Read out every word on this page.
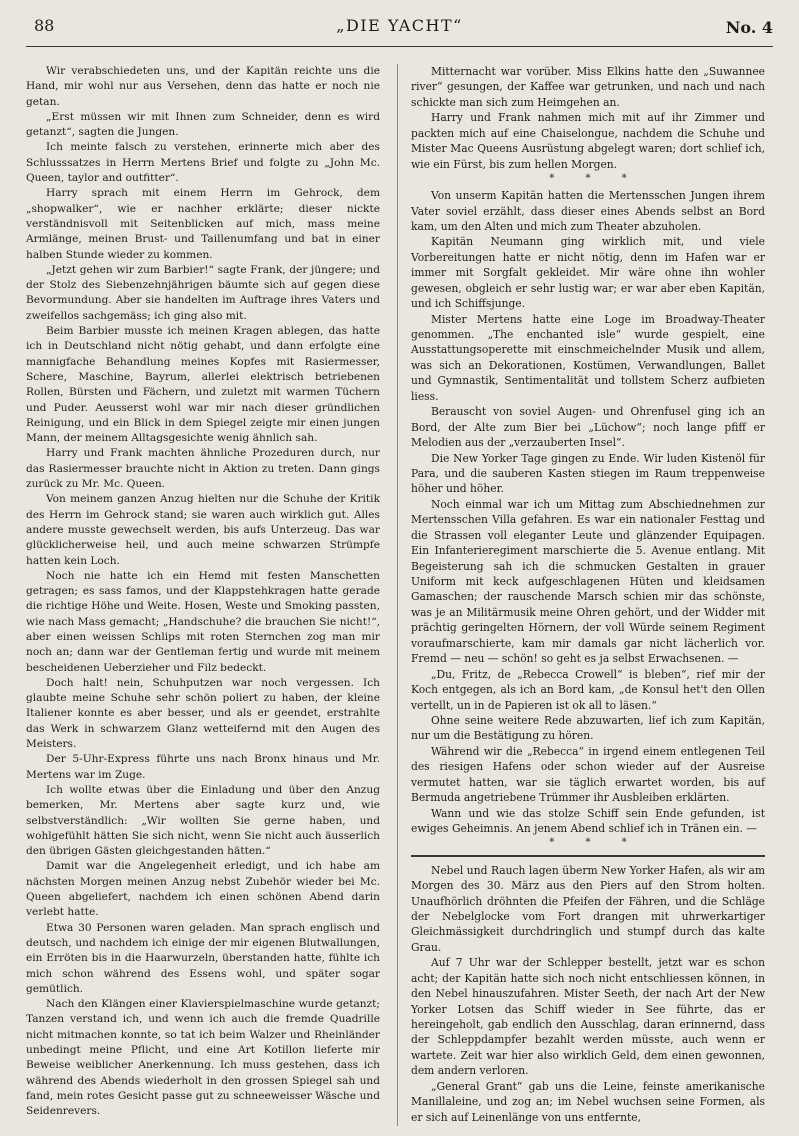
88	„DIE YACHT“	No. 4

Wir verabschiedeten uns, und der Kapitän reichte uns die Hand, mir wohl nur aus Versehen, denn das hatte er noch nie getan.

„Erst müssen wir mit Ihnen zum Schneider, denn es wird getanzt“, sagten die Jungen.

Ich meinte falsch zu verstehen, erinnerte mich aber des Schlusssatzes in Herrn Mertens Brief und folgte zu „John Mc. Queen, taylor and outfitter“.

Harry sprach mit einem Herrn im Gehrock, dem „shopwalker“, wie er nachher erklärte; dieser nickte verständnisvoll mit Seitenblicken auf mich, mass meine Armlänge, meinen Brust- und Taillenumfang und bat in einer halben Stunde wieder zu kommen.

„Jetzt gehen wir zum Barbier!“ sagte Frank, der jüngere; und der Stolz des Siebenzehnjährigen bäumte sich auf gegen diese Bevormundung. Aber sie handelten im Auftrage ihres Vaters und zweifellos sachgemäss; ich ging also mit.

Beim Barbier musste ich meinen Kragen ablegen, das hatte ich in Deutschland nicht nötig gehabt, und dann erfolgte eine mannigfache Behandlung meines Kopfes mit Rasiermesser, Schere, Maschine, Bayrum, allerlei elektrisch betriebenen Rollen, Bürsten und Fächern, und zuletzt mit warmen Tüchern und Puder. Aeusserst wohl war mir nach dieser gründlichen Reinigung, und ein Blick in dem Spiegel zeigte mir einen jungen Mann, der meinem Alltagsgesichte wenig ähnlich sah.

Harry und Frank machten ähnliche Prozeduren durch, nur das Rasiermesser brauchte nicht in Aktion zu treten. Dann gings zurück zu Mr. Mc. Queen.

Von meinem ganzen Anzug hielten nur die Schuhe der Kritik des Herrn im Gehrock stand; sie waren auch wirklich gut. Alles andere musste gewechselt werden, bis aufs Unterzeug. Das war glücklicherweise heil, und auch meine schwarzen Strümpfe hatten kein Loch.

Noch nie hatte ich ein Hemd mit festen Manschetten getragen; es sass famos, und der Klappstehkragen hatte gerade die richtige Höhe und Weite. Hosen, Weste und Smoking passten, wie nach Mass gemacht; „Handschuhe? die brauchen Sie nicht!“, aber einen weissen Schlips mit roten Sternchen zog man mir noch an; dann war der Gentleman fertig und wurde mit meinem bescheidenen Ueberzieher und Filz bedeckt.

Doch halt! nein, Schuhputzen war noch vergessen. Ich glaubte meine Schuhe sehr schön poliert zu haben, der kleine Italiener konnte es aber besser, und als er geendet, erstrahlte das Werk in schwarzem Glanz wetteifernd mit den Augen des Meisters.

Der 5-Uhr-Express führte uns nach Bronx hinaus und Mr. Mertens war im Zuge.

Ich wollte etwas über die Einladung und über den Anzug bemerken, Mr. Mertens aber sagte kurz und, wie selbstverständlich: „Wir wollten Sie gerne haben, und wohlgefühlt hätten Sie sich nicht, wenn Sie nicht auch äusserlich den übrigen Gästen gleichgestanden hätten.“

Damit war die Angelegenheit erledigt, und ich habe am nächsten Morgen meinen Anzug nebst Zubehör wieder bei Mc. Queen abgeliefert, nachdem ich einen schönen Abend darin verlebt hatte.

Etwa 30 Personen waren geladen. Man sprach englisch und deutsch, und nachdem ich einige der mir eigenen Blutwallungen, ein Erröten bis in die Haarwurzeln, überstanden hatte, fühlte ich mich schon während des Essens wohl, und später sogar gemütlich.

Nach den Klängen einer Klavierspielmaschine wurde getanzt; Tanzen verstand ich, und wenn ich auch die fremde Quadrille nicht mitmachen konnte, so tat ich beim Walzer und Rheinländer unbedingt meine Pflicht, und eine Art Kotillon lieferte mir Beweise weiblicher Anerkennung. Ich muss gestehen, dass ich während des Abends wiederholt in den grossen Spiegel sah und fand, mein rotes Gesicht passe gut zu schneeweisser Wäsche und Seidenrevers.

Mitternacht war vorüber. Miss Elkins hatte den „Suwannee river“ gesungen, der Kaffee war getrunken, und nach und nach schickte man sich zum Heimgehen an.

Harry und Frank nahmen mich mit auf ihr Zimmer und packten mich auf eine Chaiselongue, nachdem die Schuhe und Mister Mac Queens Ausrüstung abgelegt waren; dort schlief ich, wie ein Fürst, bis zum hellen Morgen.

* * *

Von unserm Kapitän hatten die Mertensschen Jungen ihrem Vater soviel erzählt, dass dieser eines Abends selbst an Bord kam, um den Alten und mich zum Theater abzuholen.

Kapitän Neumann ging wirklich mit, und viele Vorbereitungen hatte er nicht nötig, denn im Hafen war er immer mit Sorgfalt gekleidet. Mir wäre ohne ihn wohler gewesen, obgleich er sehr lustig war; er war aber eben Kapitän, und ich Schiffsjunge.

Mister Mertens hatte eine Loge im Broadway-Theater genommen. „The enchanted isle“ wurde gespielt, eine Ausstattungsoperette mit einschmeichelnder Musik und allem, was sich an Dekorationen, Kostümen, Verwandlungen, Ballet und Gymnastik, Sentimentalität und tollstem Scherz aufbieten liess.

Berauscht von soviel Augen- und Ohrenfusel ging ich an Bord, der Alte zum Bier bei „Lüchow“; noch lange pfiff er Melodien aus der „verzauberten Insel“.

Die New Yorker Tage gingen zu Ende. Wir luden Kistenöl für Para, und die sauberen Kasten stiegen im Raum treppenweise höher und höher.

Noch einmal war ich um Mittag zum Abschiednehmen zur Mertensschen Villa gefahren. Es war ein nationaler Festtag und die Strassen voll eleganter Leute und glänzender Equipagen. Ein Infanterieregiment marschierte die 5. Avenue entlang. Mit Begeisterung sah ich die schmucken Gestalten in grauer Uniform mit keck aufgeschlagenen Hüten und kleidsamen Gamaschen; der rauschende Marsch schien mir das schönste, was je an Militärmusik meine Ohren gehört, und der Widder mit prächtig geringelten Hörnern, der voll Würde seinem Regiment voraufmarschierte, kam mir damals gar nicht lächerlich vor. Fremd — neu — schön! so geht es ja selbst Erwachsenen. —

„Du, Fritz, de „Rebecca Crowell“ is bleben“, rief mir der Koch entgegen, als ich an Bord kam, „de Konsul het't den Ollen vertellt, un in de Papieren ist ok all to läsen.“

Ohne seine weitere Rede abzuwarten, lief ich zum Kapitän, nur um die Bestätigung zu hören.

Während wir die „Rebecca“ in irgend einem entlegenen Teil des riesigen Hafens oder schon wieder auf der Ausreise vermutet hatten, war sie täglich erwartet worden, bis auf Bermuda angetriebene Trümmer ihr Ausbleiben erklärten.

Wann und wie das stolze Schiff sein Ende gefunden, ist ewiges Geheimnis. An jenem Abend schlief ich in Tränen ein. —

* * *

Nebel und Rauch lagen überm New Yorker Hafen, als wir am Morgen des 30. März aus den Piers auf den Strom holten. Unaufhörlich dröhnten die Pfeifen der Fähren, und die Schläge der Nebelglocke vom Fort drangen mit uhrwerkartiger Gleichmässigkeit durchdringlich und stumpf durch das kalte Grau.

Auf 7 Uhr war der Schlepper bestellt, jetzt war es schon acht; der Kapitän hatte sich noch nicht entschliessen können, in den Nebel hinauszufahren. Mister Seeth, der nach Art der New Yorker Lotsen das Schiff wieder in See führte, das er hereingeholt, gab endlich den Ausschlag, daran erinnernd, dass der Schleppdampfer bezahlt werden müsste, auch wenn er wartete. Zeit war hier also wirklich Geld, dem einen gewonnen, dem andern verloren.

„General Grant“ gab uns die Leine, feinste amerikanische Manillaleine, und zog an; im Nebel wuchsen seine Formen, als er sich auf Leinenlänge von uns entfernte,
